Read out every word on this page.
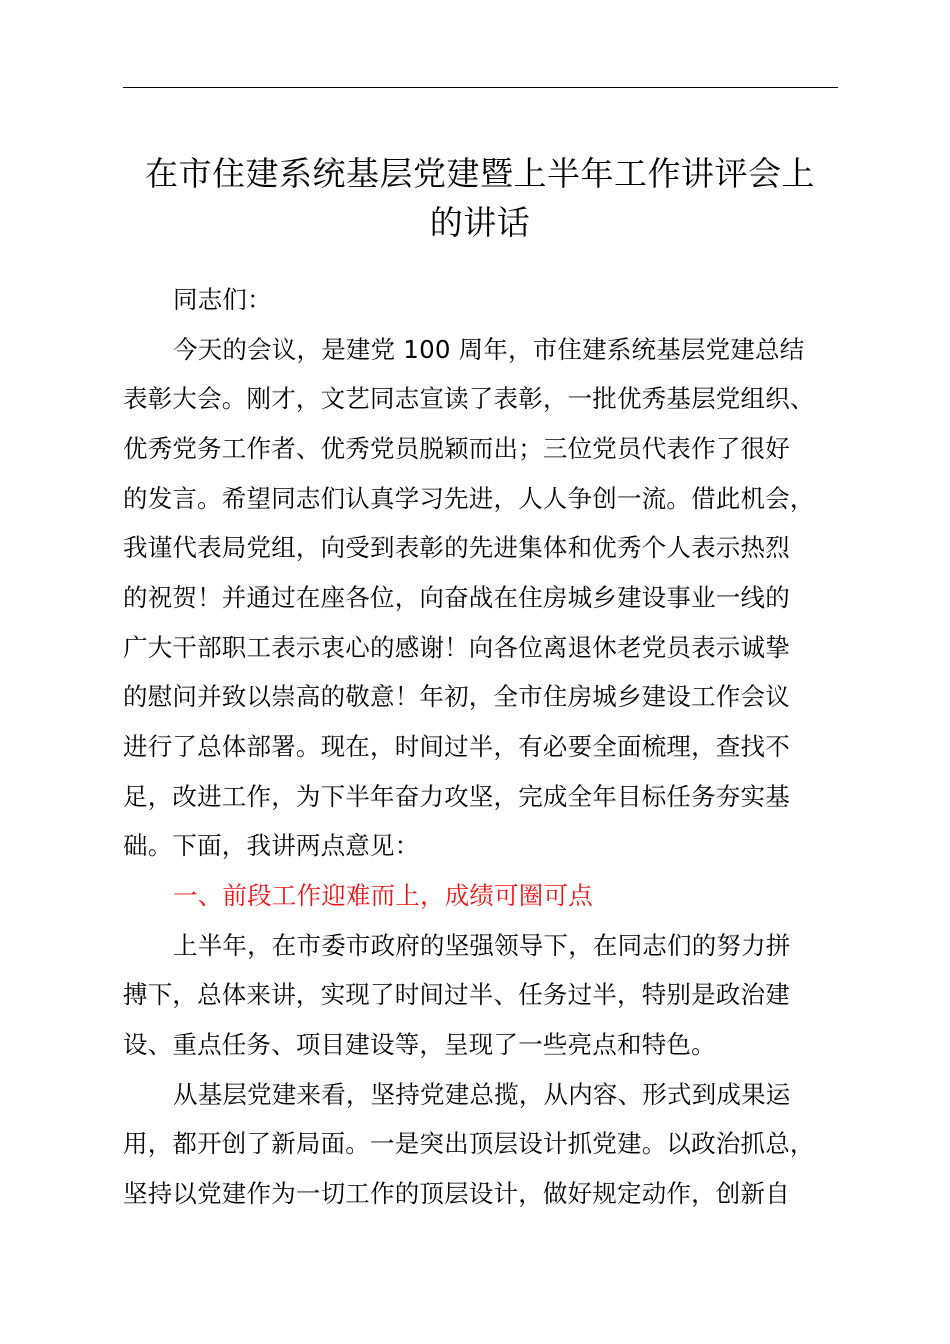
在市住建系统基层党建暨上半年工作讲评会上
的讲话
同志们：
今天的会议，是建党 100 周年，市住建系统基层党建总结
表彰大会。刚才，文艺同志宣读了表彰，一批优秀基层党组织、
优秀党务工作者、优秀党员脱颖而出；三位党员代表作了很好
的发言。希望同志们认真学习先进，人人争创一流。借此机会，
我谨代表局党组，向受到表彰的先进集体和优秀个人表示热烈
的祝贺！并通过在座各位，向奋战在住房城乡建设事业一线的
广大干部职工表示衷心的感谢！向各位离退休老党员表示诚挚
的慰问并致以崇高的敬意！年初，全市住房城乡建设工作会议
进行了总体部署。现在，时间过半，有必要全面梳理，查找不
足，改进工作，为下半年奋力攻坚，完成全年目标任务夯实基
础。下面，我讲两点意见：
一、前段工作迎难而上，成绩可圈可点
上半年，在市委市政府的坚强领导下，在同志们的努力拼
搏下，总体来讲，实现了时间过半、任务过半，特别是政治建
设、重点任务、项目建设等，呈现了一些亮点和特色。
从基层党建来看，坚持党建总揽，从内容、形式到成果运
用，都开创了新局面。一是突出顶层设计抓党建。以政治抓总，
坚持以党建作为一切工作的顶层设计，做好规定动作，创新自
